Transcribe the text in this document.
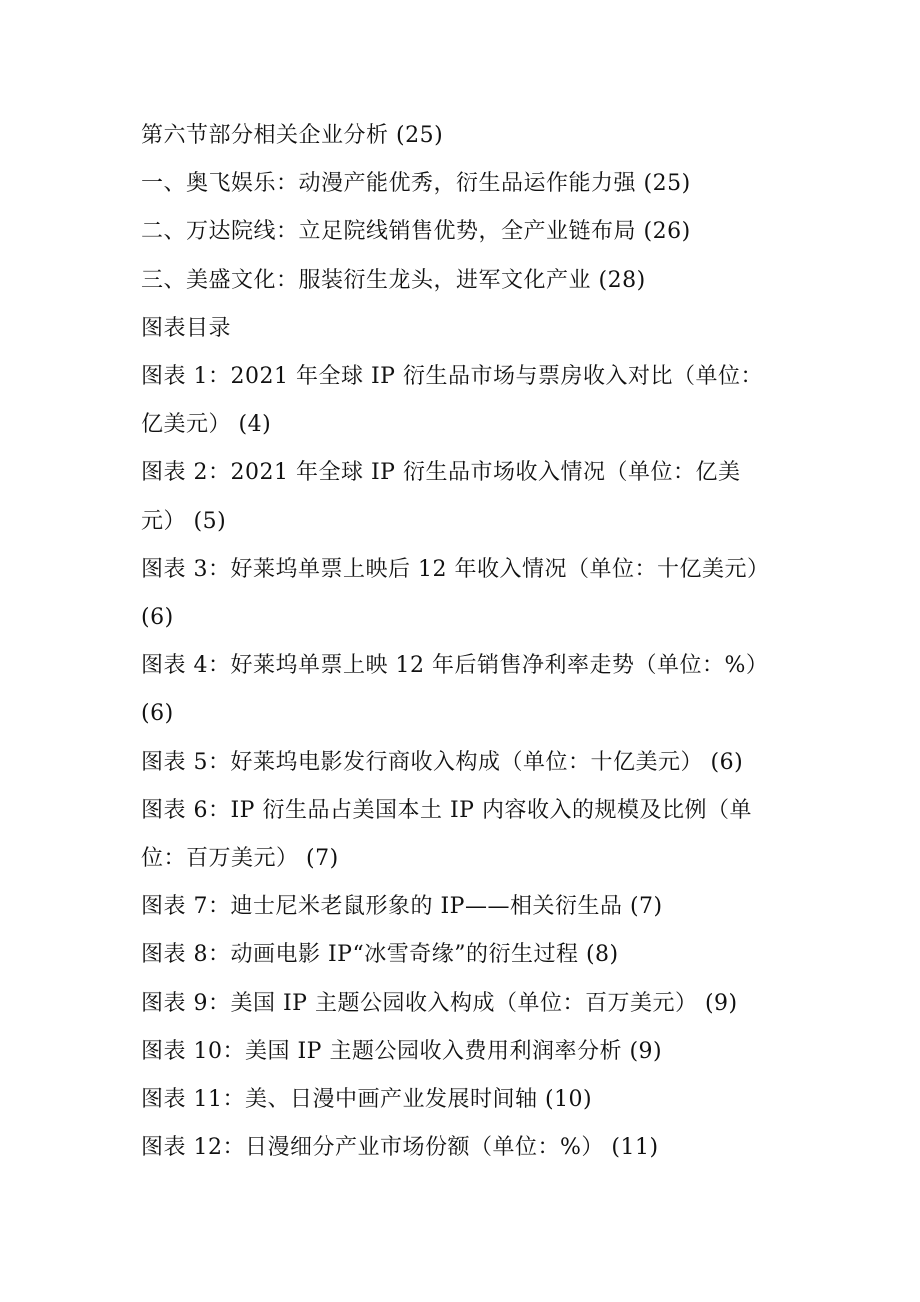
第六节部分相关企业分析 (25)
一、奥飞娱乐：动漫产能优秀，衍生品运作能力强 (25)
二、万达院线：立足院线销售优势，全产业链布局 (26)
三、美盛文化：服装衍生龙头，进军文化产业 (28)
图表目录
图表 1：2021 年全球 IP 衍生品市场与票房收入对比（单位：
亿美元） (4)
图表 2：2021 年全球 IP 衍生品市场收入情况（单位：亿美
元） (5)
图表 3：好莱坞单票上映后 12 年收入情况（单位：十亿美元）
(6)
图表 4：好莱坞单票上映 12 年后销售净利率走势（单位：%）
(6)
图表 5：好莱坞电影发行商收入构成（单位：十亿美元） (6)
图表 6：IP 衍生品占美国本土 IP 内容收入的规模及比例（单
位：百万美元） (7)
图表 7：迪士尼米老鼠形象的 IP——相关衍生品 (7)
图表 8：动画电影 IP“冰雪奇缘”的衍生过程 (8)
图表 9：美国 IP 主题公园收入构成（单位：百万美元） (9)
图表 10：美国 IP 主题公园收入费用利润率分析 (9)
图表 11：美、日漫中画产业发展时间轴 (10)
图表 12：日漫细分产业市场份额（单位：%） (11)
